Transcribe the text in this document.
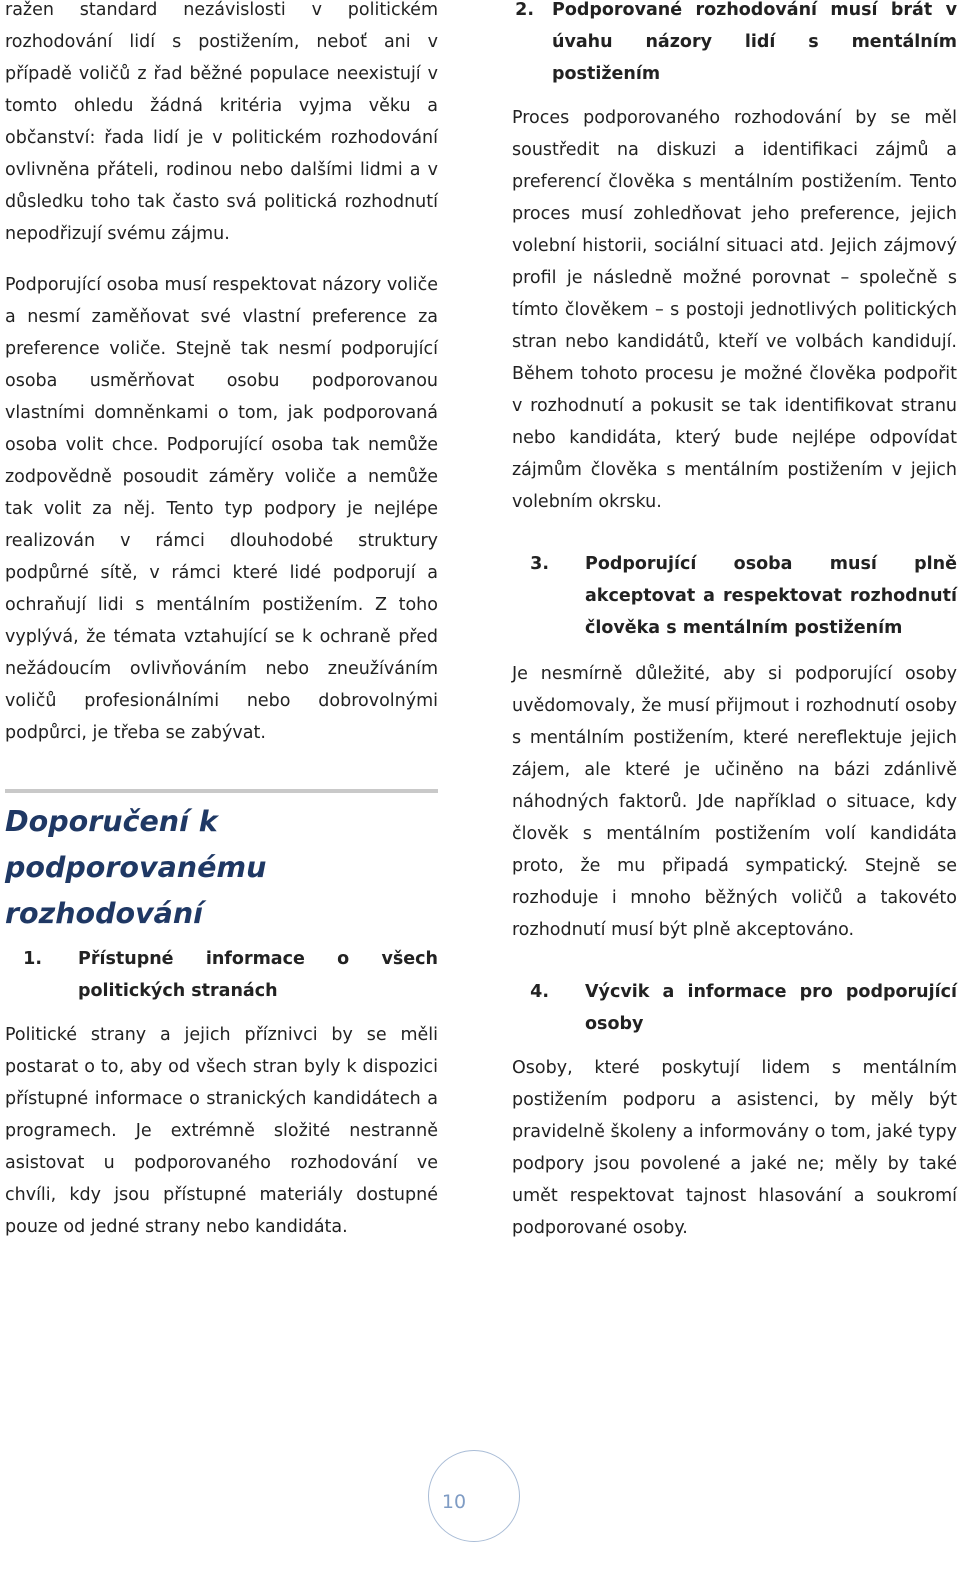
ražen standard nezávislosti v politickém rozhodování lidí s postižením, neboť ani v případě voličů z řad běžné populace neexistují v tomto ohledu žádná kritéria vyjma věku a občanství: řada lidí je v politickém rozhodování ovlivněna přáteli, rodinou nebo dalšími lidmi a v důsledku toho tak často svá politická rozhodnutí nepodřizují svému zájmu.

Podporující osoba musí respektovat názory voliče a nesmí zaměňovat své vlastní preference za preference voliče. Stejně tak nesmí podporující osoba usměrňovat osobu podporovanou vlastními domněnkami o tom, jak podporovaná osoba volit chce. Podporující osoba tak nemůže zodpovědně posoudit záměry voliče a nemůže tak volit za něj. Tento typ podpory je nejlépe realizován v rámci dlouhodobé struktury podpůrné sítě, v rámci které lidé podporují a ochraňují lidi s mentálním postižením. Z toho vyplývá, že témata vztahující se k ochraně před nežádoucím ovlivňováním nebo zneužíváním voličů profesionálními nebo dobrovolnými podpůrci, je třeba se zabývat.

Doporučení k podporovanému rozhodování
1.	Přístupné informace o všech politických stranách

Politické strany a jejich příznivci by se měli postarat o to, aby od všech stran byly k dispozici přístupné informace o stranických kandidátech a programech. Je extrémně složité nestranně asistovat u podporovaného rozhodování ve chvíli, kdy jsou přístupné materiály dostupné pouze od jedné strany nebo kandidáta.

2.	Podporované rozhodování musí brát v úvahu názory lidí s mentálním postižením

Proces podporovaného rozhodování by se měl soustředit na diskuzi a identifikaci zájmů a preferencí člověka s mentálním postižením. Tento proces musí zohledňovat jeho preference, jejich volební historii, sociální situaci atd. Jejich zájmový profil je následně možné porovnat – společně s tímto člověkem – s postoji jednotlivých politických stran nebo kandidátů, kteří ve volbách kandidují. Během tohoto procesu je možné člověka podpořit v rozhodnutí a pokusit se tak identifikovat stranu nebo kandidáta, který bude nejlépe odpovídat zájmům člověka s mentálním postižením v jejich volebním okrsku.

3.	Podporující osoba musí plně akceptovat a respektovat rozhodnutí člověka s mentálním postižením

Je nesmírně důležité, aby si podporující osoby uvědomovaly, že musí přijmout i rozhodnutí osoby s mentálním postižením, které nereflektuje jejich zájem, ale které je učiněno na bázi zdánlivě náhodných faktorů. Jde například o situace, kdy člověk s mentálním postižením volí kandidáta proto, že mu připadá sympatický. Stejně se rozhoduje i mnoho běžných voličů a takovéto rozhodnutí musí být plně akceptováno.

4.	Výcvik a informace pro podporující osoby

Osoby, které poskytují lidem s mentálním postižením podporu a asistenci, by měly být pravidelně školeny a informovány o tom, jaké typy podpory jsou povolené a jaké ne; měly by také umět respektovat tajnost hlasování a soukromí podporované osoby.

10
